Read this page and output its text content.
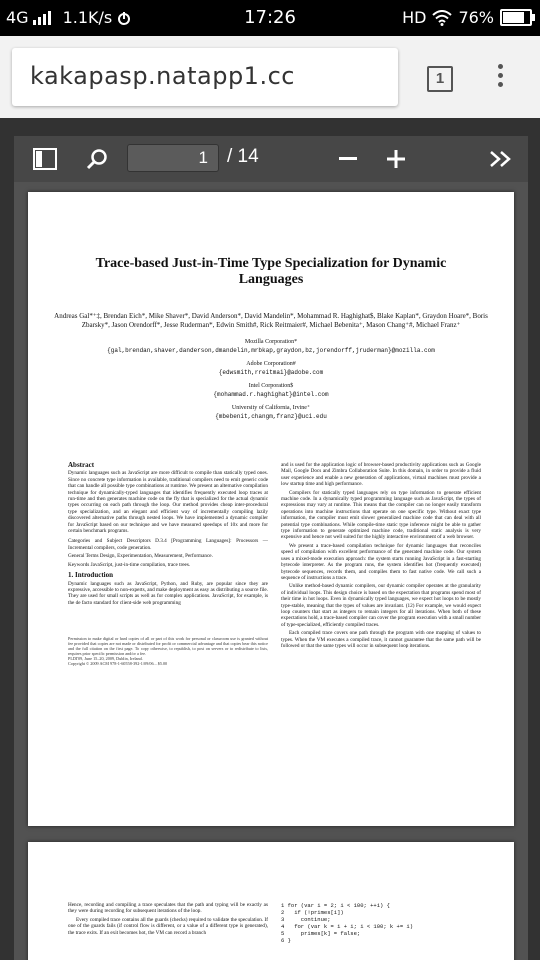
4G 1.1K/s	17:26	HD 76%
kakapasp.natapp1.cc	1
1	/ 14
Trace-based Just-in-Time Type Specialization for Dynamic Languages
Andreas Gal*⁺‡, Brendan Eich*, Mike Shaver*, David Anderson*, David Mandelin*, Mohammad R. Haghighat$, Blake Kaplan*, Graydon Hoare*, Boris Zbarsky*, Jason Orendorff*, Jesse Ruderman*, Edwin Smith#, Rick Reitmaier#, Michael Bebenita⁺, Mason Chang⁺#, Michael Franz⁺
Mozilla Corporation*
{gal,brendan,shaver,danderson,dmandelin,mrbkap,graydon,bz,jorendorff,jruderman}@mozilla.com
Adobe Corporation#
{edwsmith,rreitmai}@adobe.com
Intel Corporation$
{mohammad.r.haghighat}@intel.com
University of California, Irvine⁺
{mbebenit,changm,franz}@uci.edu
Abstract

Dynamic languages such as JavaScript are more difficult to compile than statically typed ones. Since no concrete type information is available, traditional compilers need to emit generic code that can handle all possible type combinations at runtime. We present an alternative compilation technique for dynamically-typed languages that identifies frequently executed loop traces at run-time and then generates machine code on the fly that is specialized for the actual dynamic types occurring on each path through the loop. Our method provides cheap inter-procedural type specialization, and an elegant and efficient way of incrementally compiling lazily discovered alternative paths through nested loops. We have implemented a dynamic compiler for JavaScript based on our technique and we have measured speedups of 10x and more for certain benchmark programs.

Categories and Subject Descriptors D.3.4 [Programming Languages]: Processors — Incremental compilers, code generation.

General Terms Design, Experimentation, Measurement, Performance.

Keywords JavaScript, just-in-time compilation, trace trees.

1. Introduction

Dynamic languages such as JavaScript, Python, and Ruby, are popular since they are expressive, accessible to non-experts, and make deployment as easy as distributing a source file. They are used for small scripts as well as for complex applications. JavaScript, for example, is the de facto standard for client-side web programming

Permission to make digital or hard copies of all or part of this work for personal or classroom use is granted without fee provided that copies are not made or distributed for profit or commercial advantage and that copies bear this notice and the full citation on the first page. To copy otherwise, to republish, to post on servers or to redistribute to lists, requires prior specific permission and/or a fee.
PLDI'09, June 15–20, 2009, Dublin, Ireland.
Copyright © 2009 ACM 978-1-60558-392-1/09/06... $5.00

and is used for the application logic of browser-based productivity applications such as Google Mail, Google Docs and Zimbra Collaboration Suite. In this domain, in order to provide a fluid user experience and enable a new generation of applications, virtual machines must provide a low startup time and high performance.

Compilers for statically typed languages rely on type information to generate efficient machine code. In a dynamically typed programming language such as JavaScript, the types of expressions may vary at runtime. This means that the compiler can no longer easily transform operations into machine instructions that operate on one specific type. Without exact type information, the compiler must emit slower generalized machine code that can deal with all potential type combinations. While compile-time static type inference might be able to gather type information to generate optimized machine code, traditional static analysis is very expensive and hence not well suited for the highly interactive environment of a web browser.

We present a trace-based compilation technique for dynamic languages that reconciles speed of compilation with excellent performance of the generated machine code. Our system uses a mixed-mode execution approach: the system starts running JavaScript in a fast-starting bytecode interpreter. As the program runs, the system identifies hot (frequently executed) bytecode sequences, records them, and compiles them to fast native code. We call such a sequence of instructions a trace.

Unlike method-based dynamic compilers, our dynamic compiler operates at the granularity of individual loops. This design choice is based on the expectation that programs spend most of their time in hot loops. Even in dynamically typed languages, we expect hot loops to be mostly type-stable, meaning that the types of values are invariant. (12) For example, we would expect loop counters that start as integers to remain integers for all iterations. When both of these expectations hold, a trace-based compiler can cover the program execution with a small number of type-specialized, efficiently compiled traces.

Each compiled trace covers one path through the program with one mapping of values to types. When the VM executes a compiled trace, it cannot guarantee that the same path will be followed or that the same types will occur in subsequent loop iterations.

Hence, recording and compiling a trace speculates that the path and typing will be exactly as they were during recording for subsequent iterations of the loop.

Every compiled trace contains all the guards (checks) required to validate the speculation. If one of the guards fails (if control flow is different, or a value of a different type is generated), the trace exits. If an exit becomes hot, the VM can record a branch

1 for (var i = 2; i < 100; ++i) {
2   if (!primes[i])
3     continue;
4   for (var k = i + i; i < 100; k += i)
5     primes[k] = false;
6 }
